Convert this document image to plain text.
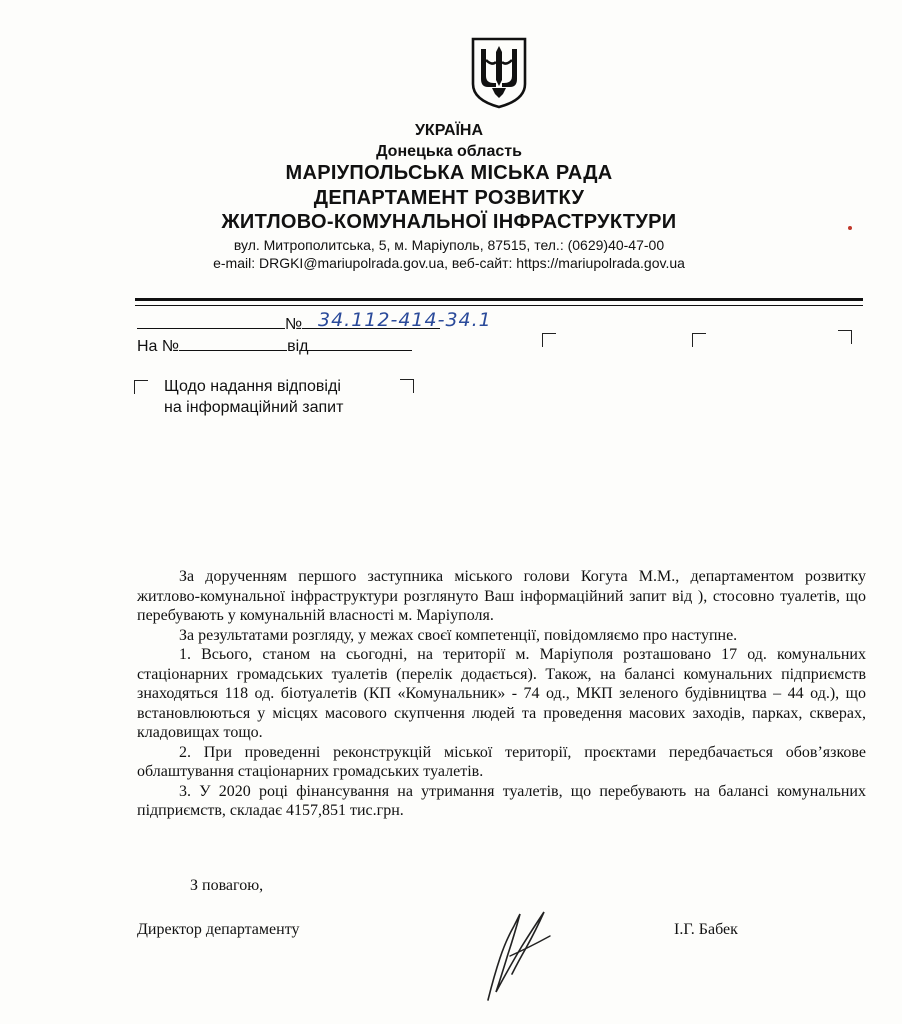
УКРАЇНА
Донецька область
МАРІУПОЛЬСЬКА МІСЬКА РАДА
ДЕПАРТАМЕНТ РОЗВИТКУ
ЖИТЛОВО-КОМУНАЛЬНОЇ ІНФРАСТРУКТУРИ
вул. Митрополитська, 5, м. Маріуполь, 87515, тел.: (0629)40-47-00
e-mail: DRGKI@mariupolrada.gov.ua, веб-сайт: https://mariupolrada.gov.ua
№ 34.112-414-34.1
На №	від
Щодо надання відповіді
на інформаційний запит

За дорученням першого заступника міського голови Когута М.М., департаментом розвитку житлово-комунальної інфраструктури розглянуто Ваш інформаційний запит від ), стосовно туалетів, що перебувають у комунальній власності м. Маріуполя.

За результатами розгляду, у межах своєї компетенції, повідомляємо про наступне.

1. Всього, станом на сьогодні, на території м. Маріуполя розташовано 17 од. комунальних стаціонарних громадських туалетів (перелік додається). Також, на балансі комунальних підприємств знаходяться 118 од. біотуалетів (КП «Комунальник» - 74 од., МКП зеленого будівництва – 44 од.), що встановлюються у місцях масового скупчення людей та проведення масових заходів, парках, скверах, кладовищах тощо.

2. При проведенні реконструкцій міської території, проєктами передбачається обов’язкове облаштування стаціонарних громадських туалетів.

3. У 2020 році фінансування на утримання туалетів, що перебувають на балансі комунальних підприємств, складає 4157,851 тис.грн.

З повагою,
Директор департаменту	І.Г. Бабек
